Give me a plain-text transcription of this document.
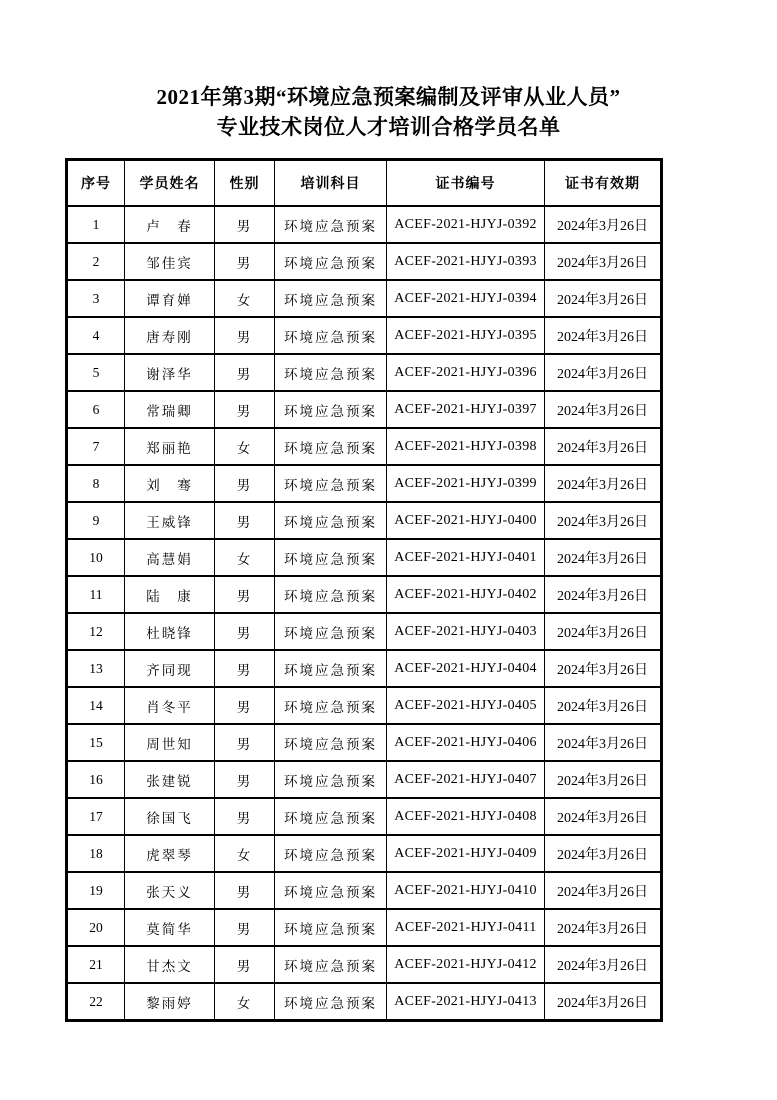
2021年第3期“环境应急预案编制及评审从业人员”
专业技术岗位人才培训合格学员名单
序号	学员姓名	性别	培训科目	证书编号	证书有效期
1	卢　春	男	环境应急预案	ACEF-2021-HJYJ-0392	2024年3月26日
2	邹佳宾	男	环境应急预案	ACEF-2021-HJYJ-0393	2024年3月26日
3	谭育婵	女	环境应急预案	ACEF-2021-HJYJ-0394	2024年3月26日
4	唐寿刚	男	环境应急预案	ACEF-2021-HJYJ-0395	2024年3月26日
5	谢泽华	男	环境应急预案	ACEF-2021-HJYJ-0396	2024年3月26日
6	常瑞卿	男	环境应急预案	ACEF-2021-HJYJ-0397	2024年3月26日
7	郑丽艳	女	环境应急预案	ACEF-2021-HJYJ-0398	2024年3月26日
8	刘　骞	男	环境应急预案	ACEF-2021-HJYJ-0399	2024年3月26日
9	王威锋	男	环境应急预案	ACEF-2021-HJYJ-0400	2024年3月26日
10	高慧娟	女	环境应急预案	ACEF-2021-HJYJ-0401	2024年3月26日
11	陆　康	男	环境应急预案	ACEF-2021-HJYJ-0402	2024年3月26日
12	杜晓锋	男	环境应急预案	ACEF-2021-HJYJ-0403	2024年3月26日
13	齐同现	男	环境应急预案	ACEF-2021-HJYJ-0404	2024年3月26日
14	肖冬平	男	环境应急预案	ACEF-2021-HJYJ-0405	2024年3月26日
15	周世知	男	环境应急预案	ACEF-2021-HJYJ-0406	2024年3月26日
16	张建锐	男	环境应急预案	ACEF-2021-HJYJ-0407	2024年3月26日
17	徐国飞	男	环境应急预案	ACEF-2021-HJYJ-0408	2024年3月26日
18	虎翠琴	女	环境应急预案	ACEF-2021-HJYJ-0409	2024年3月26日
19	张天义	男	环境应急预案	ACEF-2021-HJYJ-0410	2024年3月26日
20	莫简华	男	环境应急预案	ACEF-2021-HJYJ-0411	2024年3月26日
21	甘杰文	男	环境应急预案	ACEF-2021-HJYJ-0412	2024年3月26日
22	黎雨婷	女	环境应急预案	ACEF-2021-HJYJ-0413	2024年3月26日
